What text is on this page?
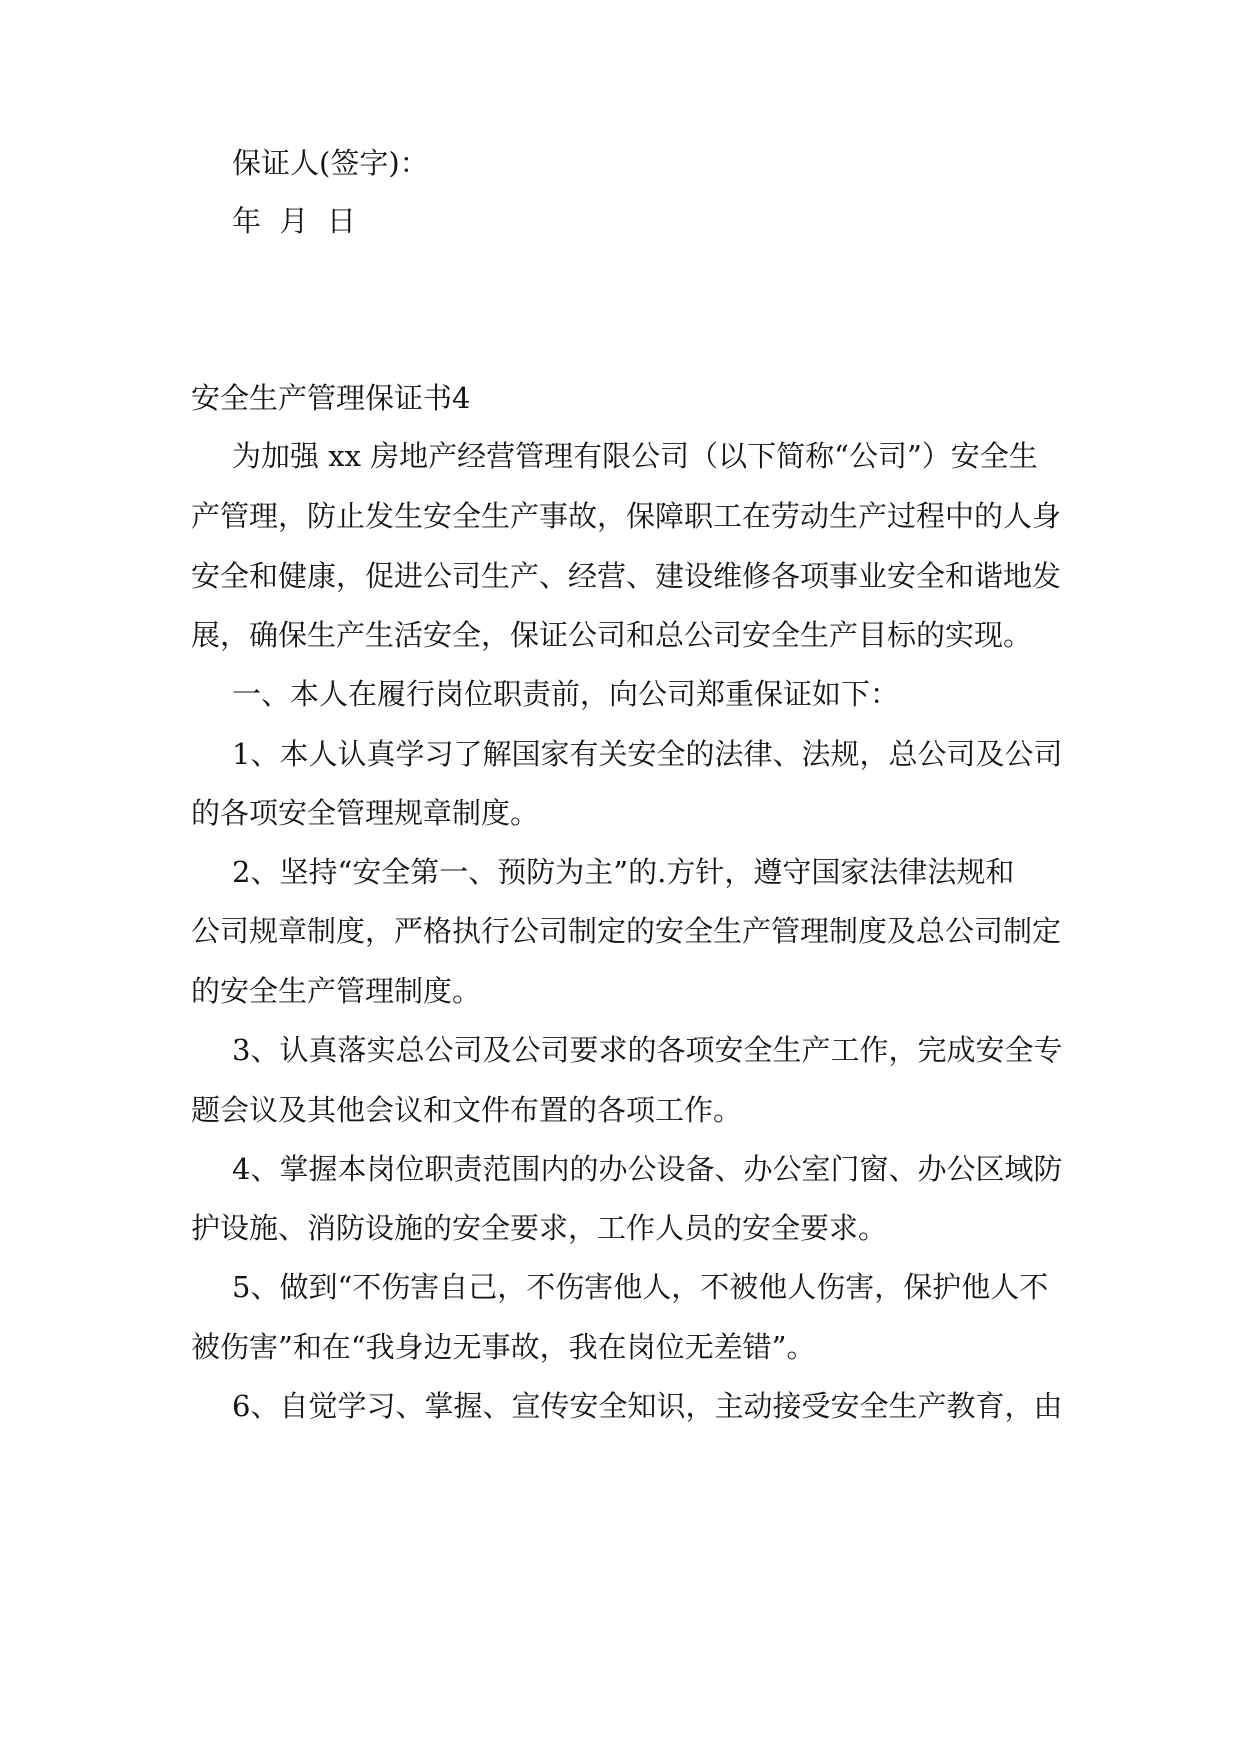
保证人(签字)：
年  月  日
安全生产管理保证书4
为加强 xx 房地产经营管理有限公司（以下简称“公司”）安全生
产管理，防止发生安全生产事故，保障职工在劳动生产过程中的人身
安全和健康，促进公司生产、经营、建设维修各项事业安全和谐地发
展，确保生产生活安全，保证公司和总公司安全生产目标的实现。
一、本人在履行岗位职责前，向公司郑重保证如下：
1、本人认真学习了解国家有关安全的法律、法规，总公司及公司
的各项安全管理规章制度。
2、坚持“安全第一、预防为主”的.方针，遵守国家法律法规和
公司规章制度，严格执行公司制定的安全生产管理制度及总公司制定
的安全生产管理制度。
3、认真落实总公司及公司要求的各项安全生产工作，完成安全专
题会议及其他会议和文件布置的各项工作。
4、掌握本岗位职责范围内的办公设备、办公室门窗、办公区域防
护设施、消防设施的安全要求，工作人员的安全要求。
5、做到“不伤害自己，不伤害他人，不被他人伤害，保护他人不
被伤害”和在“我身边无事故，我在岗位无差错”。
6、自觉学习、掌握、宣传安全知识，主动接受安全生产教育，由
